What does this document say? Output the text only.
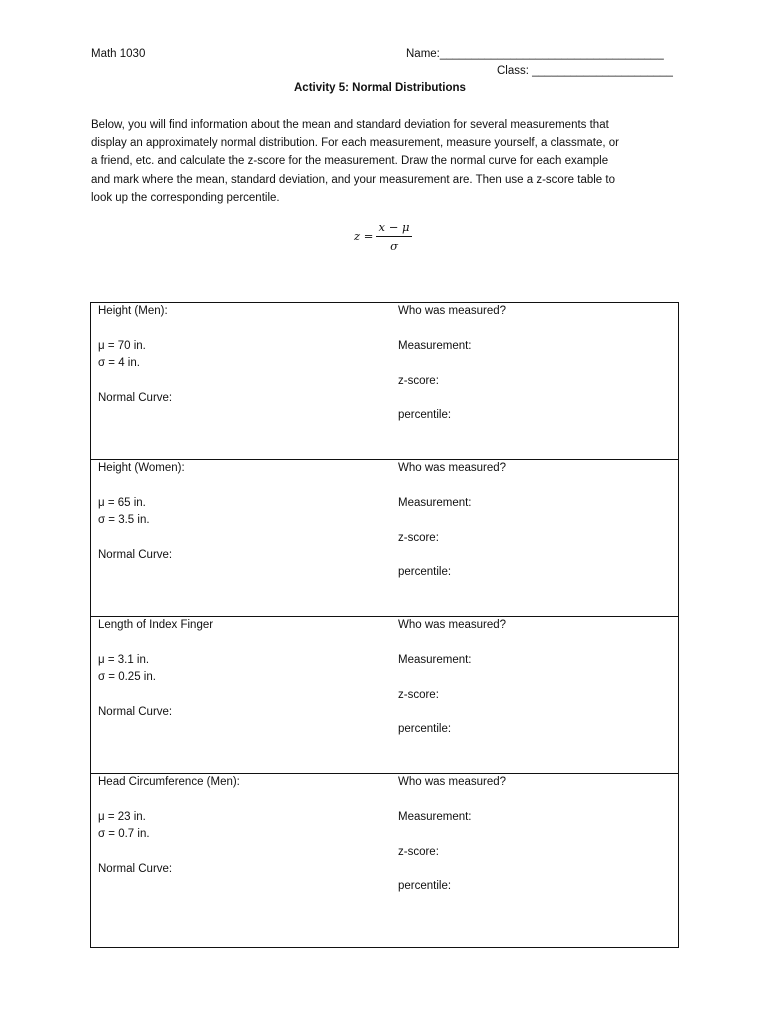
Math 1030	Name:___________________________________
Class: ______________________
Activity 5: Normal Distributions

Below, you will find information about the mean and standard deviation for several measurements that

display an approximately normal distribution. For each measurement, measure yourself, a classmate, or

a friend, etc. and calculate the z-score for the measurement. Draw the normal curve for each example

and mark where the mean, standard deviation, and your measurement are. Then use a z-score table to

look up the corresponding percentile.

z =
x − μ
σ
Height (Men):
μ = 70 in.
σ = 4 in.
Normal Curve:
Who was measured?
Measurement:
z-score:
percentile:
Height (Women):
μ = 65 in.
σ = 3.5 in.
Normal Curve:
Who was measured?
Measurement:
z-score:
percentile:
Length of Index Finger
μ = 3.1 in.
σ = 0.25 in.
Normal Curve:
Who was measured?
Measurement:
z-score:
percentile:
Head Circumference (Men):
μ = 23 in.
σ = 0.7 in.
Normal Curve:
Who was measured?
Measurement:
z-score:
percentile:
